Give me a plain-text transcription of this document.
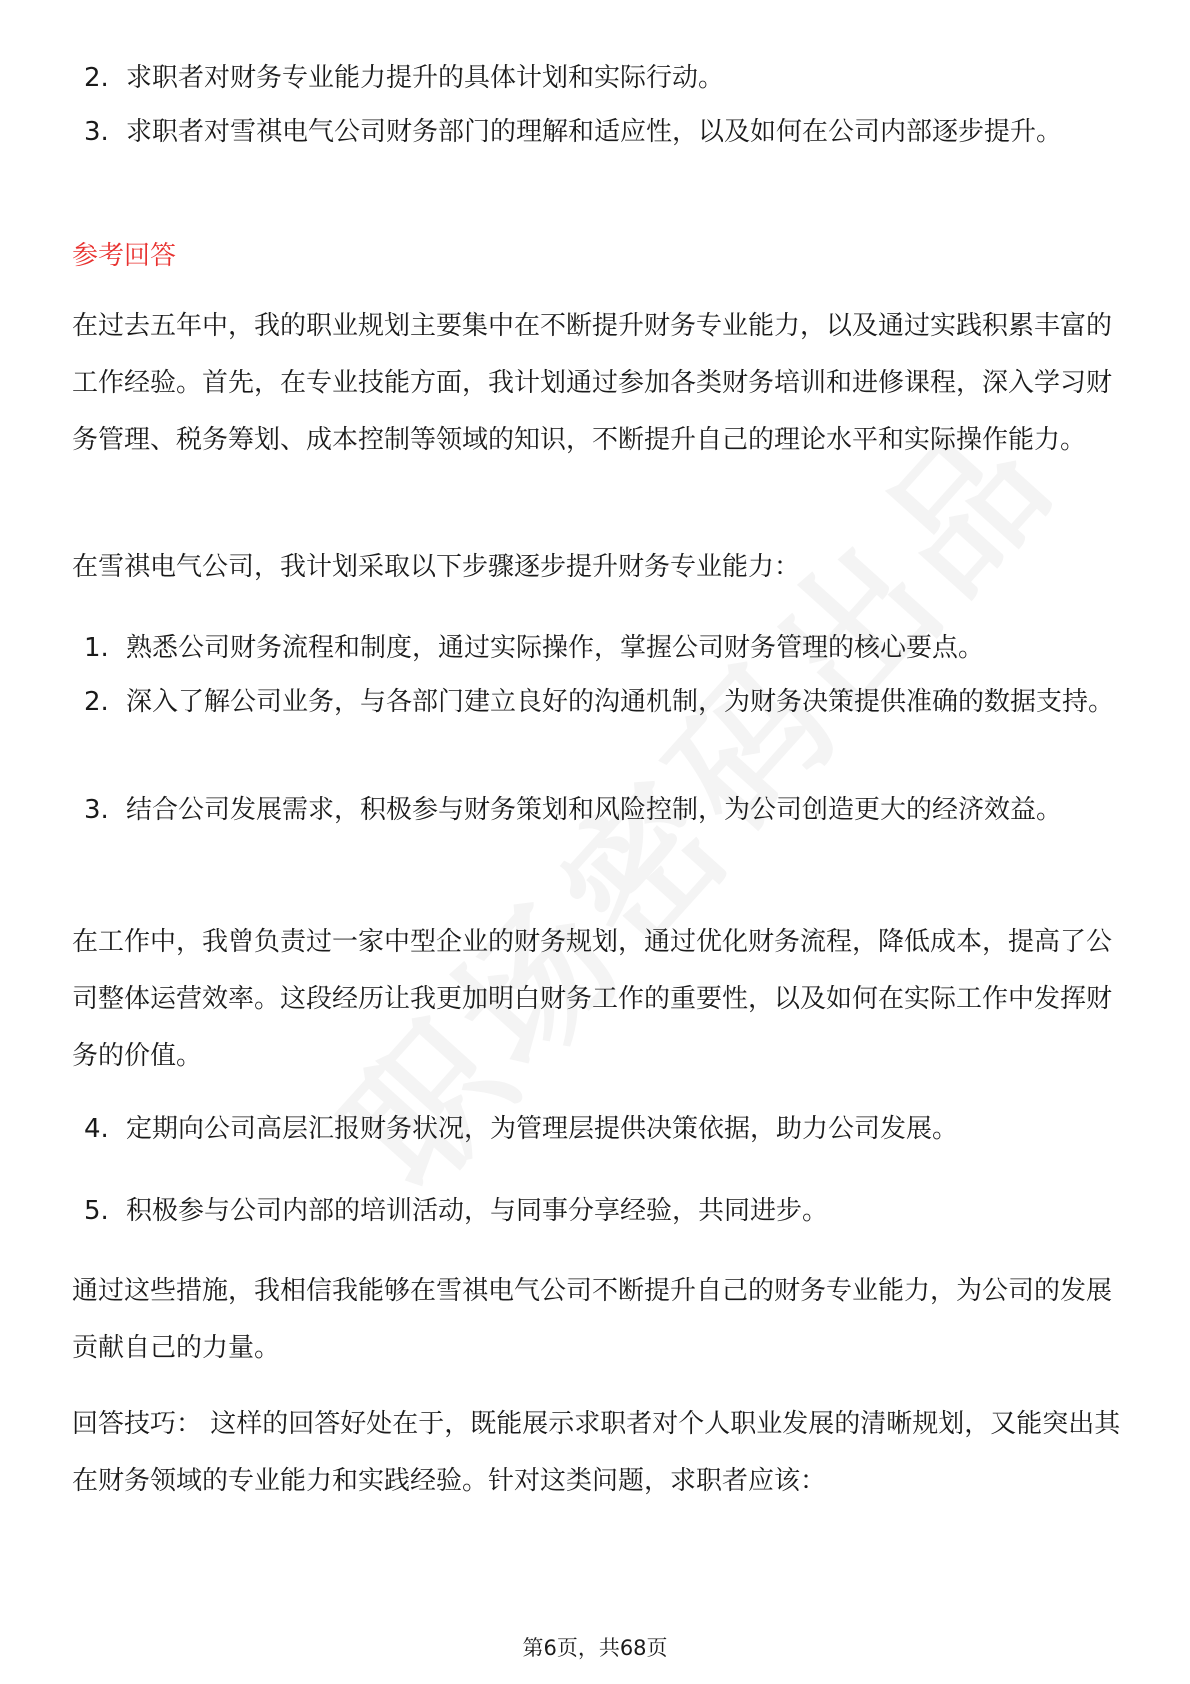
2. 求职者对财务专业能力提升的具体计划和实际行动。
3. 求职者对雪祺电气公司财务部门的理解和适应性，以及如何在公司内部逐步提升。
参考回答
在过去五年中，我的职业规划主要集中在不断提升财务专业能力，以及通过实践积累丰富的工作经验。首先，在专业技能方面，我计划通过参加各类财务培训和进修课程，深入学习财务管理、税务筹划、成本控制等领域的知识，不断提升自己的理论水平和实际操作能力。
在雪祺电气公司，我计划采取以下步骤逐步提升财务专业能力：
1. 熟悉公司财务流程和制度，通过实际操作，掌握公司财务管理的核心要点。
2. 深入了解公司业务，与各部门建立良好的沟通机制，为财务决策提供准确的数据支持。
3. 结合公司发展需求，积极参与财务策划和风险控制，为公司创造更大的经济效益。
在工作中，我曾负责过一家中型企业的财务规划，通过优化财务流程，降低成本，提高了公司整体运营效率。这段经历让我更加明白财务工作的重要性，以及如何在实际工作中发挥财务的价值。
4. 定期向公司高层汇报财务状况，为管理层提供决策依据，助力公司发展。
5. 积极参与公司内部的培训活动，与同事分享经验，共同进步。
通过这些措施，我相信我能够在雪祺电气公司不断提升自己的财务专业能力，为公司的发展贡献自己的力量。
回答技巧： 这样的回答好处在于，既能展示求职者对个人职业发展的清晰规划，又能突出其在财务领域的专业能力和实践经验。针对这类问题，求职者应该：
第6页，共68页
